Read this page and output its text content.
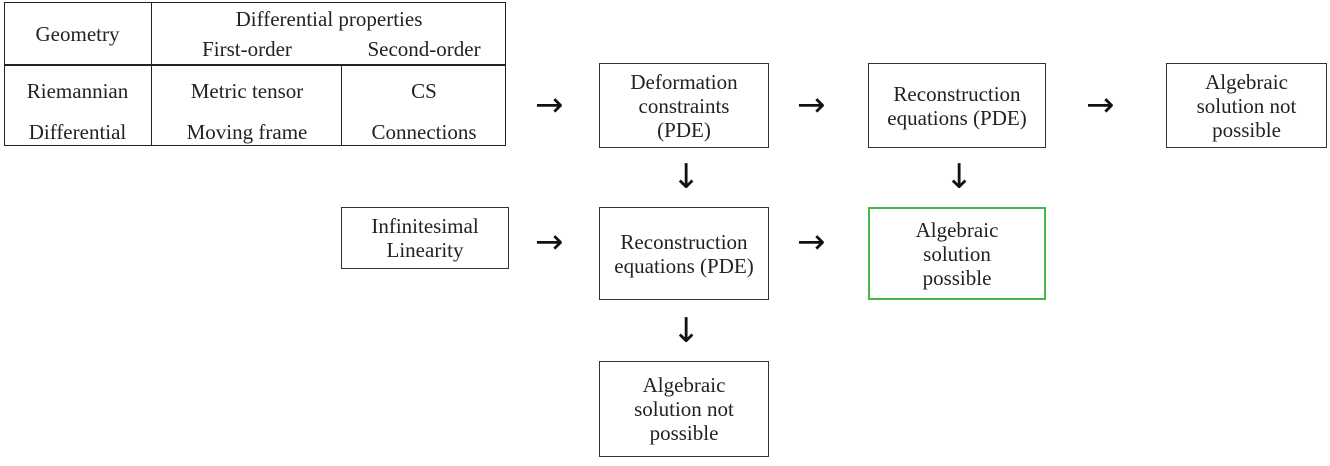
Geometry
Differential properties
First-order	Second-order
Riemannian	Metric tensor	CS
Differential	Moving frame	Connections
→
Deformation
constraints
(PDE)
→	Reconstruction
equations (PDE) →
Algebraic
solution not
possible
↓	↓
Infinitesimal
Linearity	→	Reconstruction
equations (PDE)
→	Algebraic
solution
possible
↓
Algebraic
solution not
possible
